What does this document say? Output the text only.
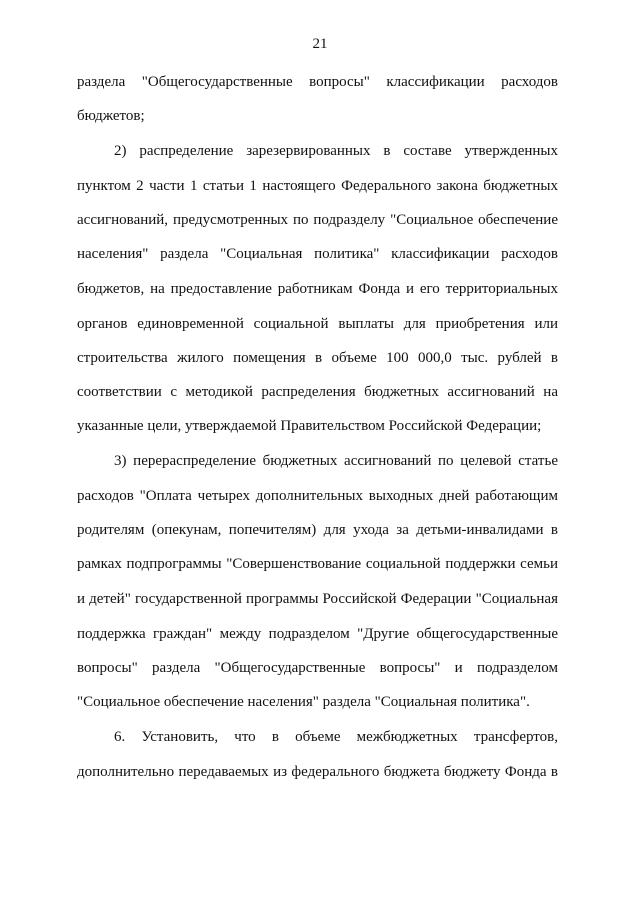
21
раздела "Общегосударственные вопросы" классификации расходов
бюджетов;
2) распределение зарезервированных в составе утвержденных
пунктом 2 части 1 статьи 1 настоящего Федерального закона бюджетных
ассигнований, предусмотренных по подразделу "Социальное обеспечение
населения" раздела "Социальная политика" классификации расходов
бюджетов, на предоставление работникам Фонда и его территориальных
органов единовременной социальной выплаты для приобретения или
строительства жилого помещения в объеме 100 000,0 тыс. рублей в
соответствии с методикой распределения бюджетных ассигнований на
указанные цели, утверждаемой Правительством Российской Федерации;
3) перераспределение бюджетных ассигнований по целевой статье
расходов "Оплата четырех дополнительных выходных дней работающим
родителям (опекунам, попечителям) для ухода за детьми-инвалидами в
рамках подпрограммы "Совершенствование социальной поддержки семьи
и детей" государственной программы Российской Федерации "Социальная
поддержка граждан" между подразделом "Другие общегосударственные
вопросы" раздела "Общегосударственные вопросы" и подразделом
"Социальное обеспечение населения" раздела "Социальная политика".
6. Установить, что в объеме межбюджетных трансфертов,
дополнительно передаваемых из федерального бюджета бюджету Фонда в
